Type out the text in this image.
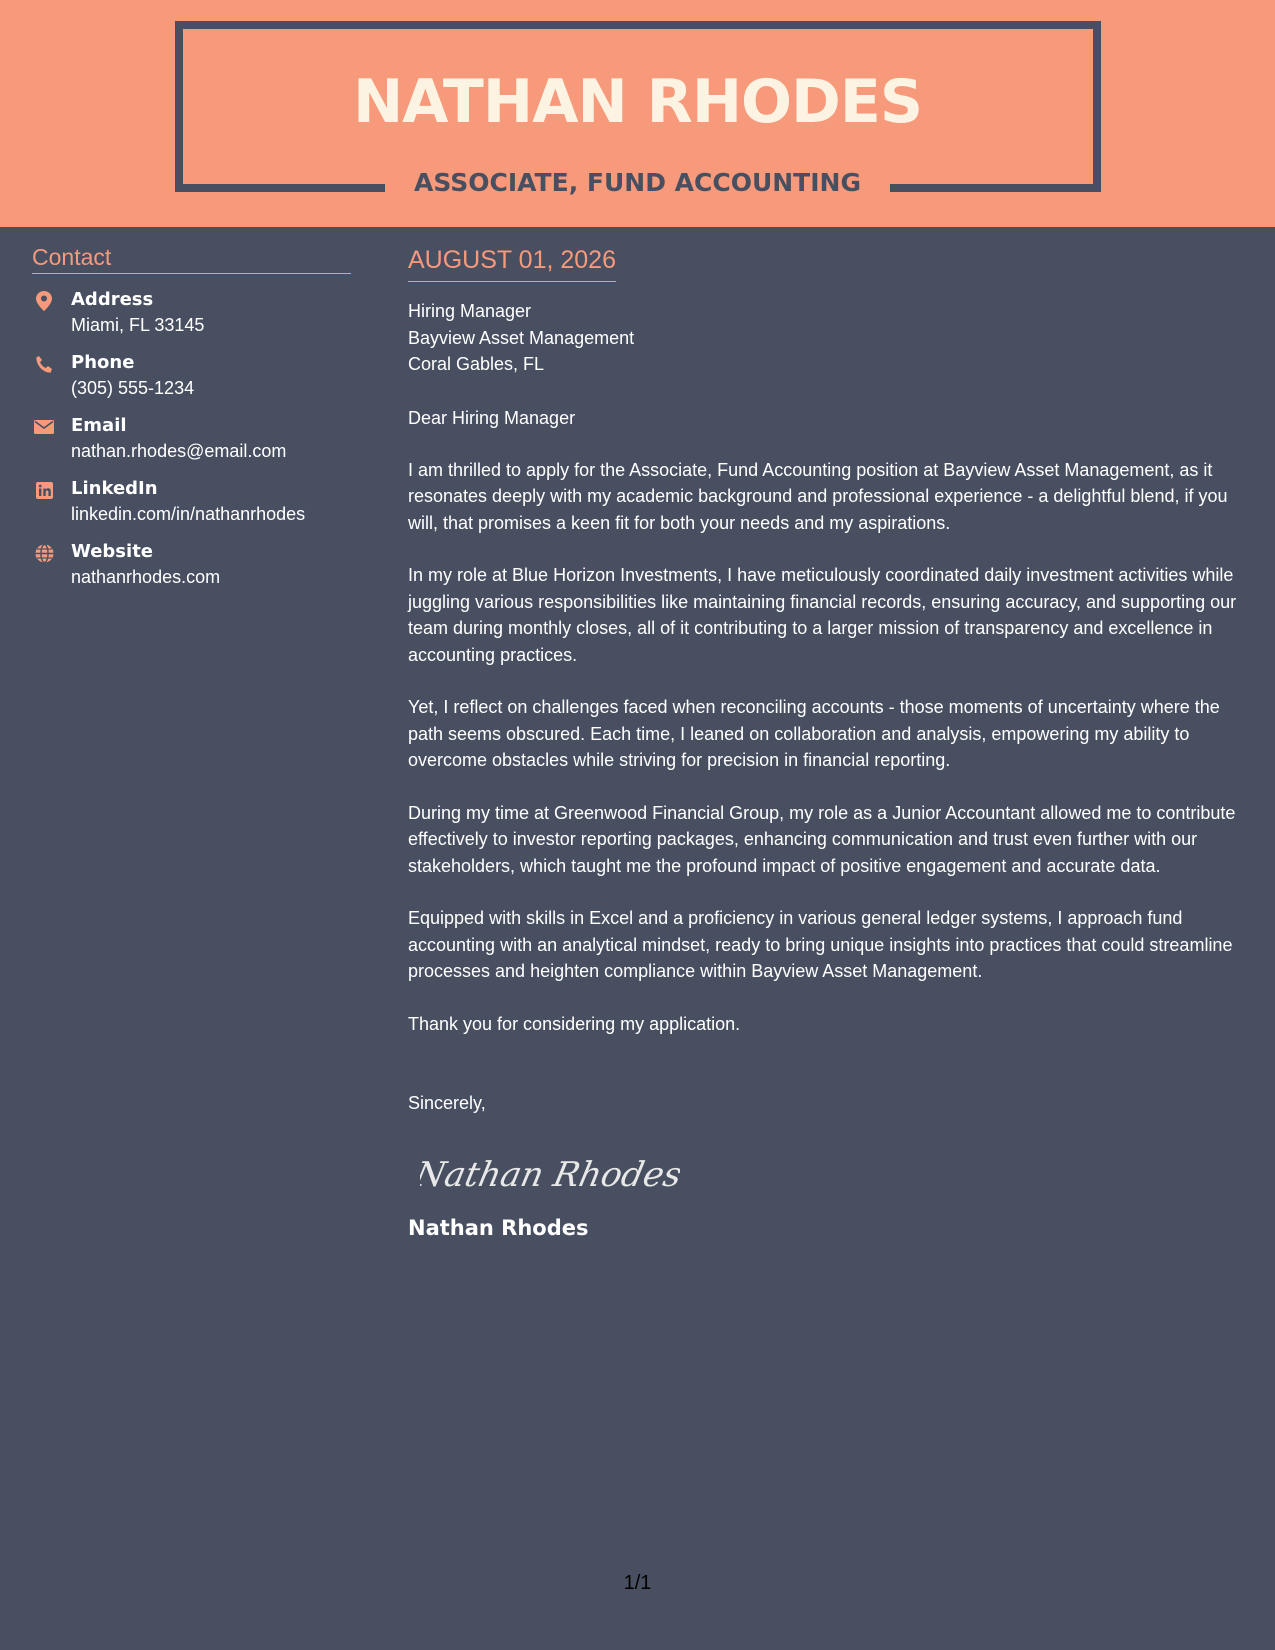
NATHAN RHODES
ASSOCIATE, FUND ACCOUNTING
Contact
Address
Miami, FL 33145
Phone
(305) 555-1234
Email
nathan.rhodes@email.com
LinkedIn
linkedin.com/in/nathanrhodes
Website
nathanrhodes.com
AUGUST 01, 2026
Hiring Manager
Bayview Asset Management
Coral Gables, FL
Dear Hiring Manager
I am thrilled to apply for the Associate, Fund Accounting position at Bayview Asset Management, as it resonates deeply with my academic background and professional experience - a delightful blend, if you will, that promises a keen fit for both your needs and my aspirations.
In my role at Blue Horizon Investments, I have meticulously coordinated daily investment activities while juggling various responsibilities like maintaining financial records, ensuring accuracy, and supporting our team during monthly closes, all of it contributing to a larger mission of transparency and excellence in accounting practices.
Yet, I reflect on challenges faced when reconciling accounts - those moments of uncertainty where the path seems obscured. Each time, I leaned on collaboration and analysis, empowering my ability to overcome obstacles while striving for precision in financial reporting.
During my time at Greenwood Financial Group, my role as a Junior Accountant allowed me to contribute effectively to investor reporting packages, enhancing communication and trust even further with our stakeholders, which taught me the profound impact of positive engagement and accurate data.
Equipped with skills in Excel and a proficiency in various general ledger systems, I approach fund accounting with an analytical mindset, ready to bring unique insights into practices that could streamline processes and heighten compliance within Bayview Asset Management.
Thank you for considering my application.
Sincerely,
Nathan Rhodes
Nathan Rhodes
1/1
